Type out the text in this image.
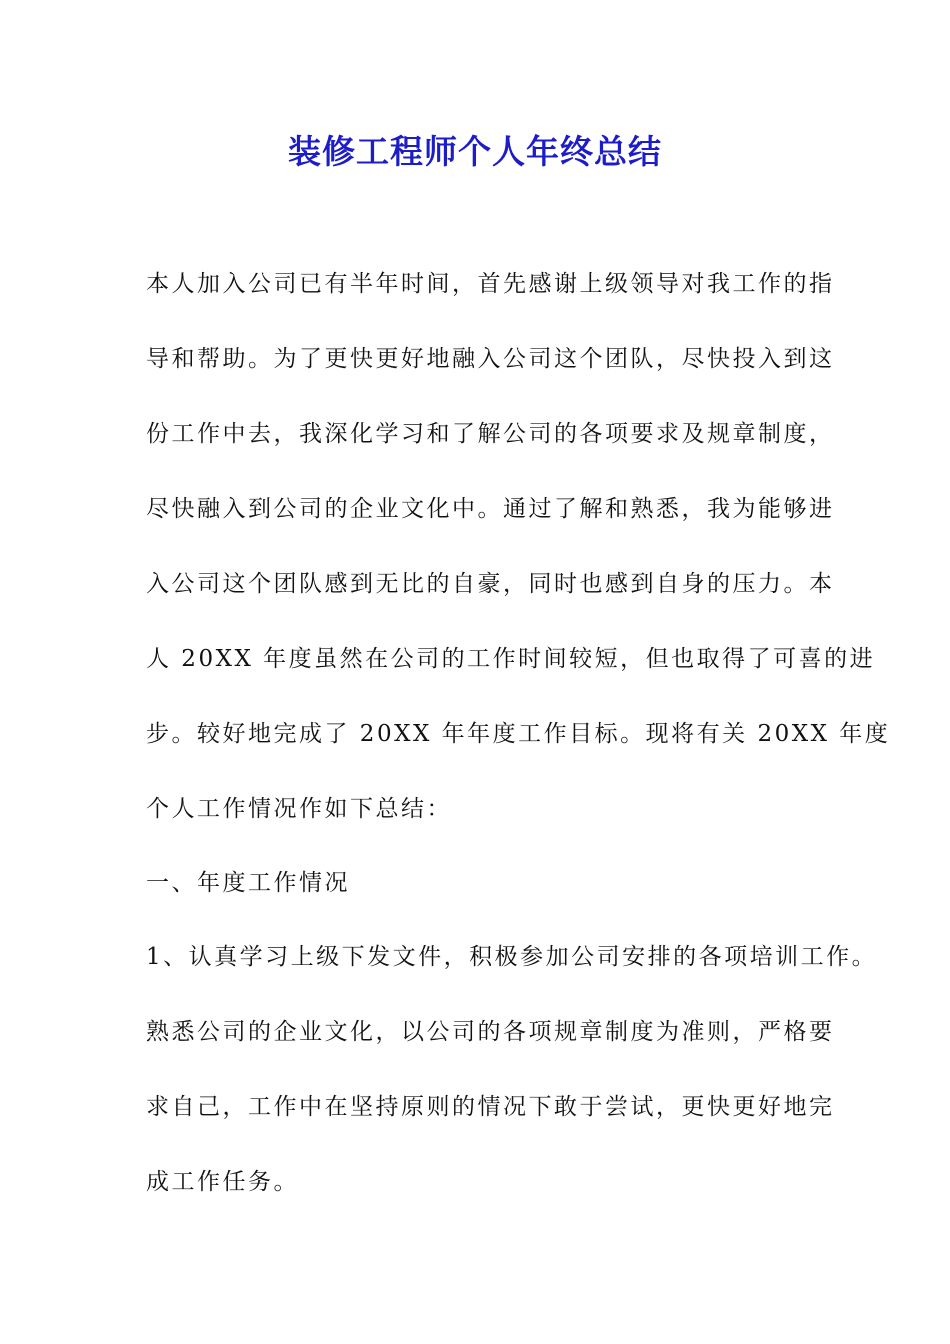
装修工程师个人年终总结
本人加入公司已有半年时间，首先感谢上级领导对我工作的指
导和帮助。为了更快更好地融入公司这个团队，尽快投入到这
份工作中去，我深化学习和了解公司的各项要求及规章制度，
尽快融入到公司的企业文化中。通过了解和熟悉，我为能够进
入公司这个团队感到无比的自豪，同时也感到自身的压力。本
人 20XX 年度虽然在公司的工作时间较短，但也取得了可喜的进
步。较好地完成了 20XX 年年度工作目标。现将有关 20XX 年度
个人工作情况作如下总结：
一、年度工作情况
1、认真学习上级下发文件，积极参加公司安排的各项培训工作。
熟悉公司的企业文化，以公司的各项规章制度为准则，严格要
求自己，工作中在坚持原则的情况下敢于尝试，更快更好地完
成工作任务。
